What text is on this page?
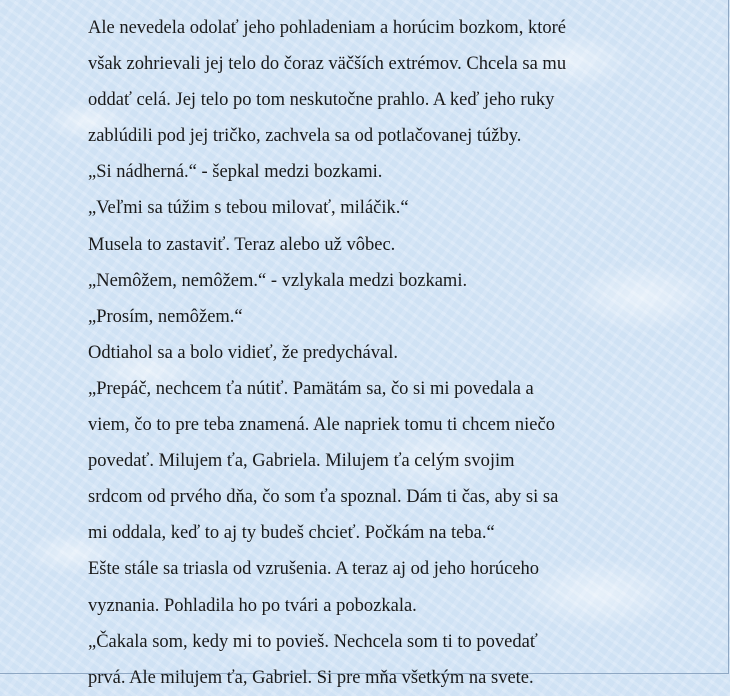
Ale nevedela odolať jeho pohladeniam a horúcim bozkom, ktoré
však zohrievali jej telo do čoraz väčších extrémov. Chcela sa mu
oddať celá. Jej telo po tom neskutočne prahlo. A keď jeho ruky
zablúdili pod jej tričko, zachvela sa od potlačovanej túžby.
„Si nádherná.“ - šepkal medzi bozkami.
„Veľmi sa túžim s tebou milovať, miláčik.“
Musela to zastaviť. Teraz alebo už vôbec.
„Nemôžem, nemôžem.“ - vzlykala medzi bozkami.
„Prosím, nemôžem.“
Odtiahol sa a bolo vidieť, že predychával.
„Prepáč, nechcem ťa nútiť. Pamätám sa, čo si mi povedala a
viem, čo to pre teba znamená. Ale napriek tomu ti chcem niečo
povedať. Milujem ťa, Gabriela. Milujem ťa celým svojim
srdcom od prvého dňa, čo som ťa spoznal. Dám ti čas, aby si sa
mi oddala, keď to aj ty budeš chcieť. Počkám na teba.“
Ešte stále sa triasla od vzrušenia. A teraz aj od jeho horúceho
vyznania. Pohladila ho po tvári a pobozkala.
„Čakala som, kedy mi to povieš. Nechcela som ti to povedať
prvá. Ale milujem ťa, Gabriel. Si pre mňa všetkým na svete.
